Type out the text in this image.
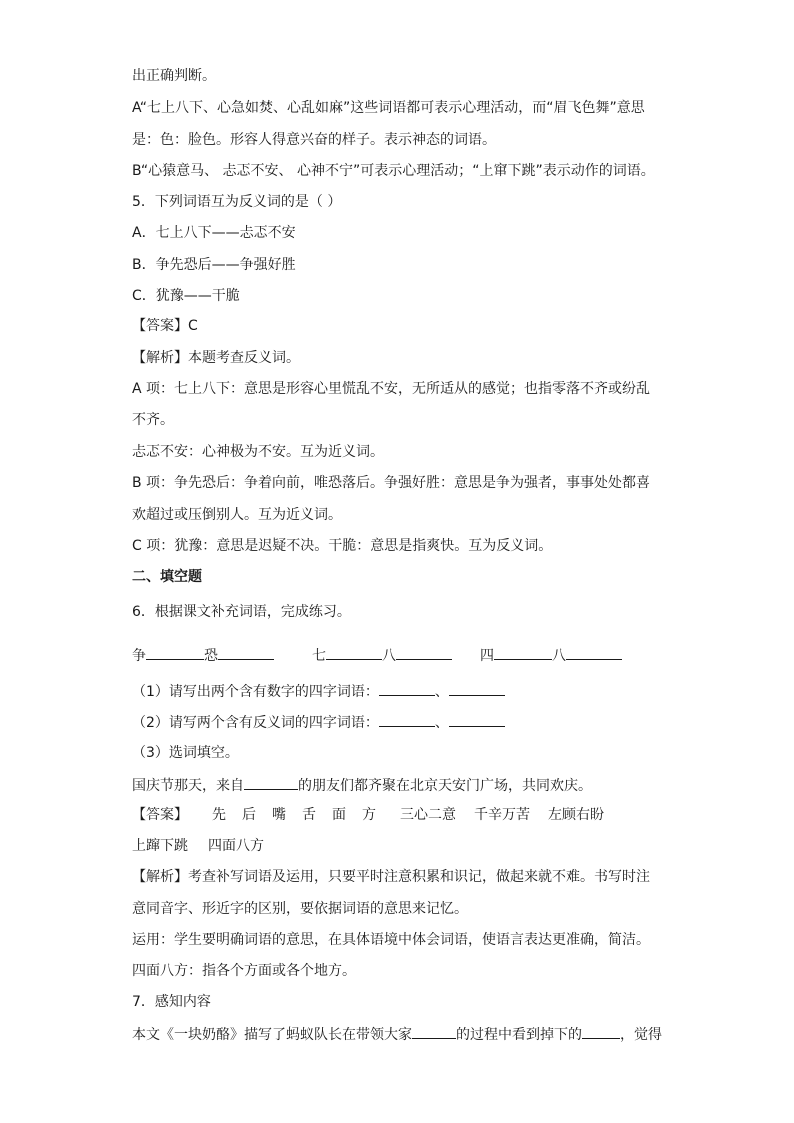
出正确判断。
A“七上八下、心急如焚、心乱如麻”这些词语都可表示心理活动，而“眉飞色舞”意思
是：色：脸色。形容人得意兴奋的样子。表示神态的词语。
B“心猿意马、 忐忑不安、 心神不宁”可表示心理活动；“上窜下跳”表示动作的词语。
5．下列词语互为反义词的是（ ）
A．七上八下——忐忑不安
B．争先恐后——争强好胜
C．犹豫——干脆
【答案】C
【解析】本题考查反义词。
A 项：七上八下：意思是形容心里慌乱不安，无所适从的感觉；也指零落不齐或纷乱
不齐。
忐忑不安：心神极为不安。互为近义词。
B 项：争先恐后：争着向前，唯恐落后。争强好胜：意思是争为强者，事事处处都喜
欢超过或压倒别人。互为近义词。
C 项：犹豫：意思是迟疑不决。干脆：意思是指爽快。互为反义词。
二、填空题
6．根据课文补充词语，完成练习。
争	恐	七	八	四	八
（1）请写出两个含有数字的四字词语：	、
（2）请写两个含有反义词的四字词语：	、
（3）选词填空。
国庆节那天，来自	的朋友们都齐聚在北京天安门广场，共同欢庆。
【答案】 先 后 嘴 舌 面 方 三心二意 千辛万苦 左顾右盼
上蹿下跳 四面八方
【解析】考查补写词语及运用，只要平时注意积累和识记，做起来就不难。书写时注
意同音字、形近字的区别，要依据词语的意思来记忆。
运用：学生要明确词语的意思，在具体语境中体会词语，使语言表达更准确，简洁。
四面八方：指各个方面或各个地方。
7．感知内容
本文《一块奶酪》描写了蚂蚁队长在带领大家	的过程中看到掉下的	，觉得
